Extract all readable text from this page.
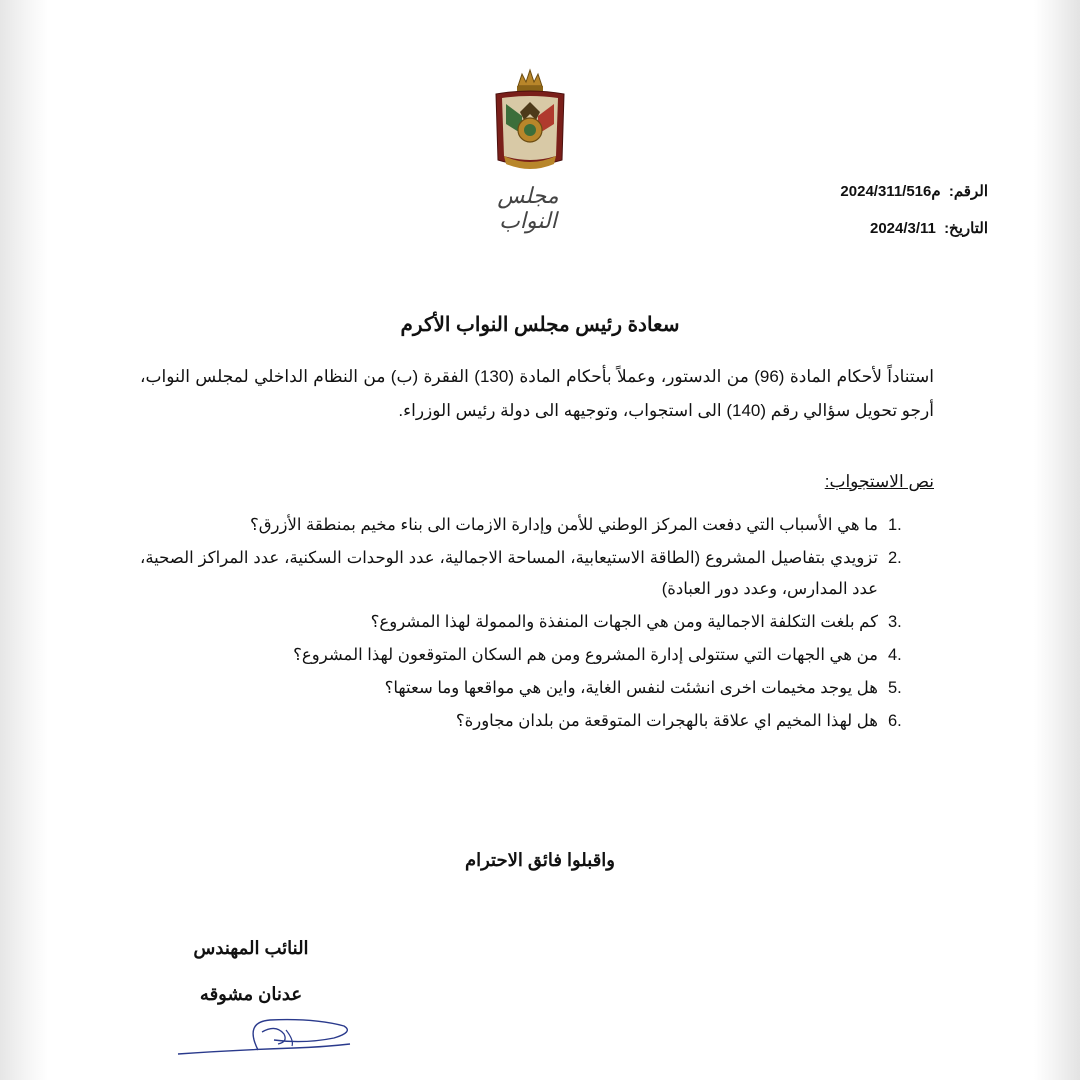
مجلس النواب
الرقم: م2024/311/516
التاريخ: 2024/3/11
سعادة رئيس مجلس النواب الأكرم
استناداً لأحكام المادة (96) من الدستور، وعملاً بأحكام المادة (130) الفقرة (ب) من النظام الداخلي لمجلس النواب، أرجو تحويل سؤالي رقم (140) الى استجواب، وتوجيهه الى دولة رئيس الوزراء.
نص الاستجواب:
1.
ما هي الأسباب التي دفعت المركز الوطني للأمن وإدارة الازمات الى بناء مخيم بمنطقة الأزرق؟
2.
تزويدي بتفاصيل المشروع (الطاقة الاستيعابية، المساحة الاجمالية، عدد الوحدات السكنية، عدد المراكز الصحية، عدد المدارس، وعدد دور العبادة)
3.
كم بلغت التكلفة الاجمالية ومن هي الجهات المنفذة والممولة لهذا المشروع؟
4.
من هي الجهات التي ستتولى إدارة المشروع ومن هم السكان المتوقعون لهذا المشروع؟
5.
هل يوجد مخيمات اخرى انشئت لنفس الغاية، واين هي مواقعها وما سعتها؟
6.
هل لهذا المخيم اي علاقة بالهجرات المتوقعة من بلدان مجاورة؟
واقبلوا فائق الاحترام
النائب المهندس
عدنان مشوقه
